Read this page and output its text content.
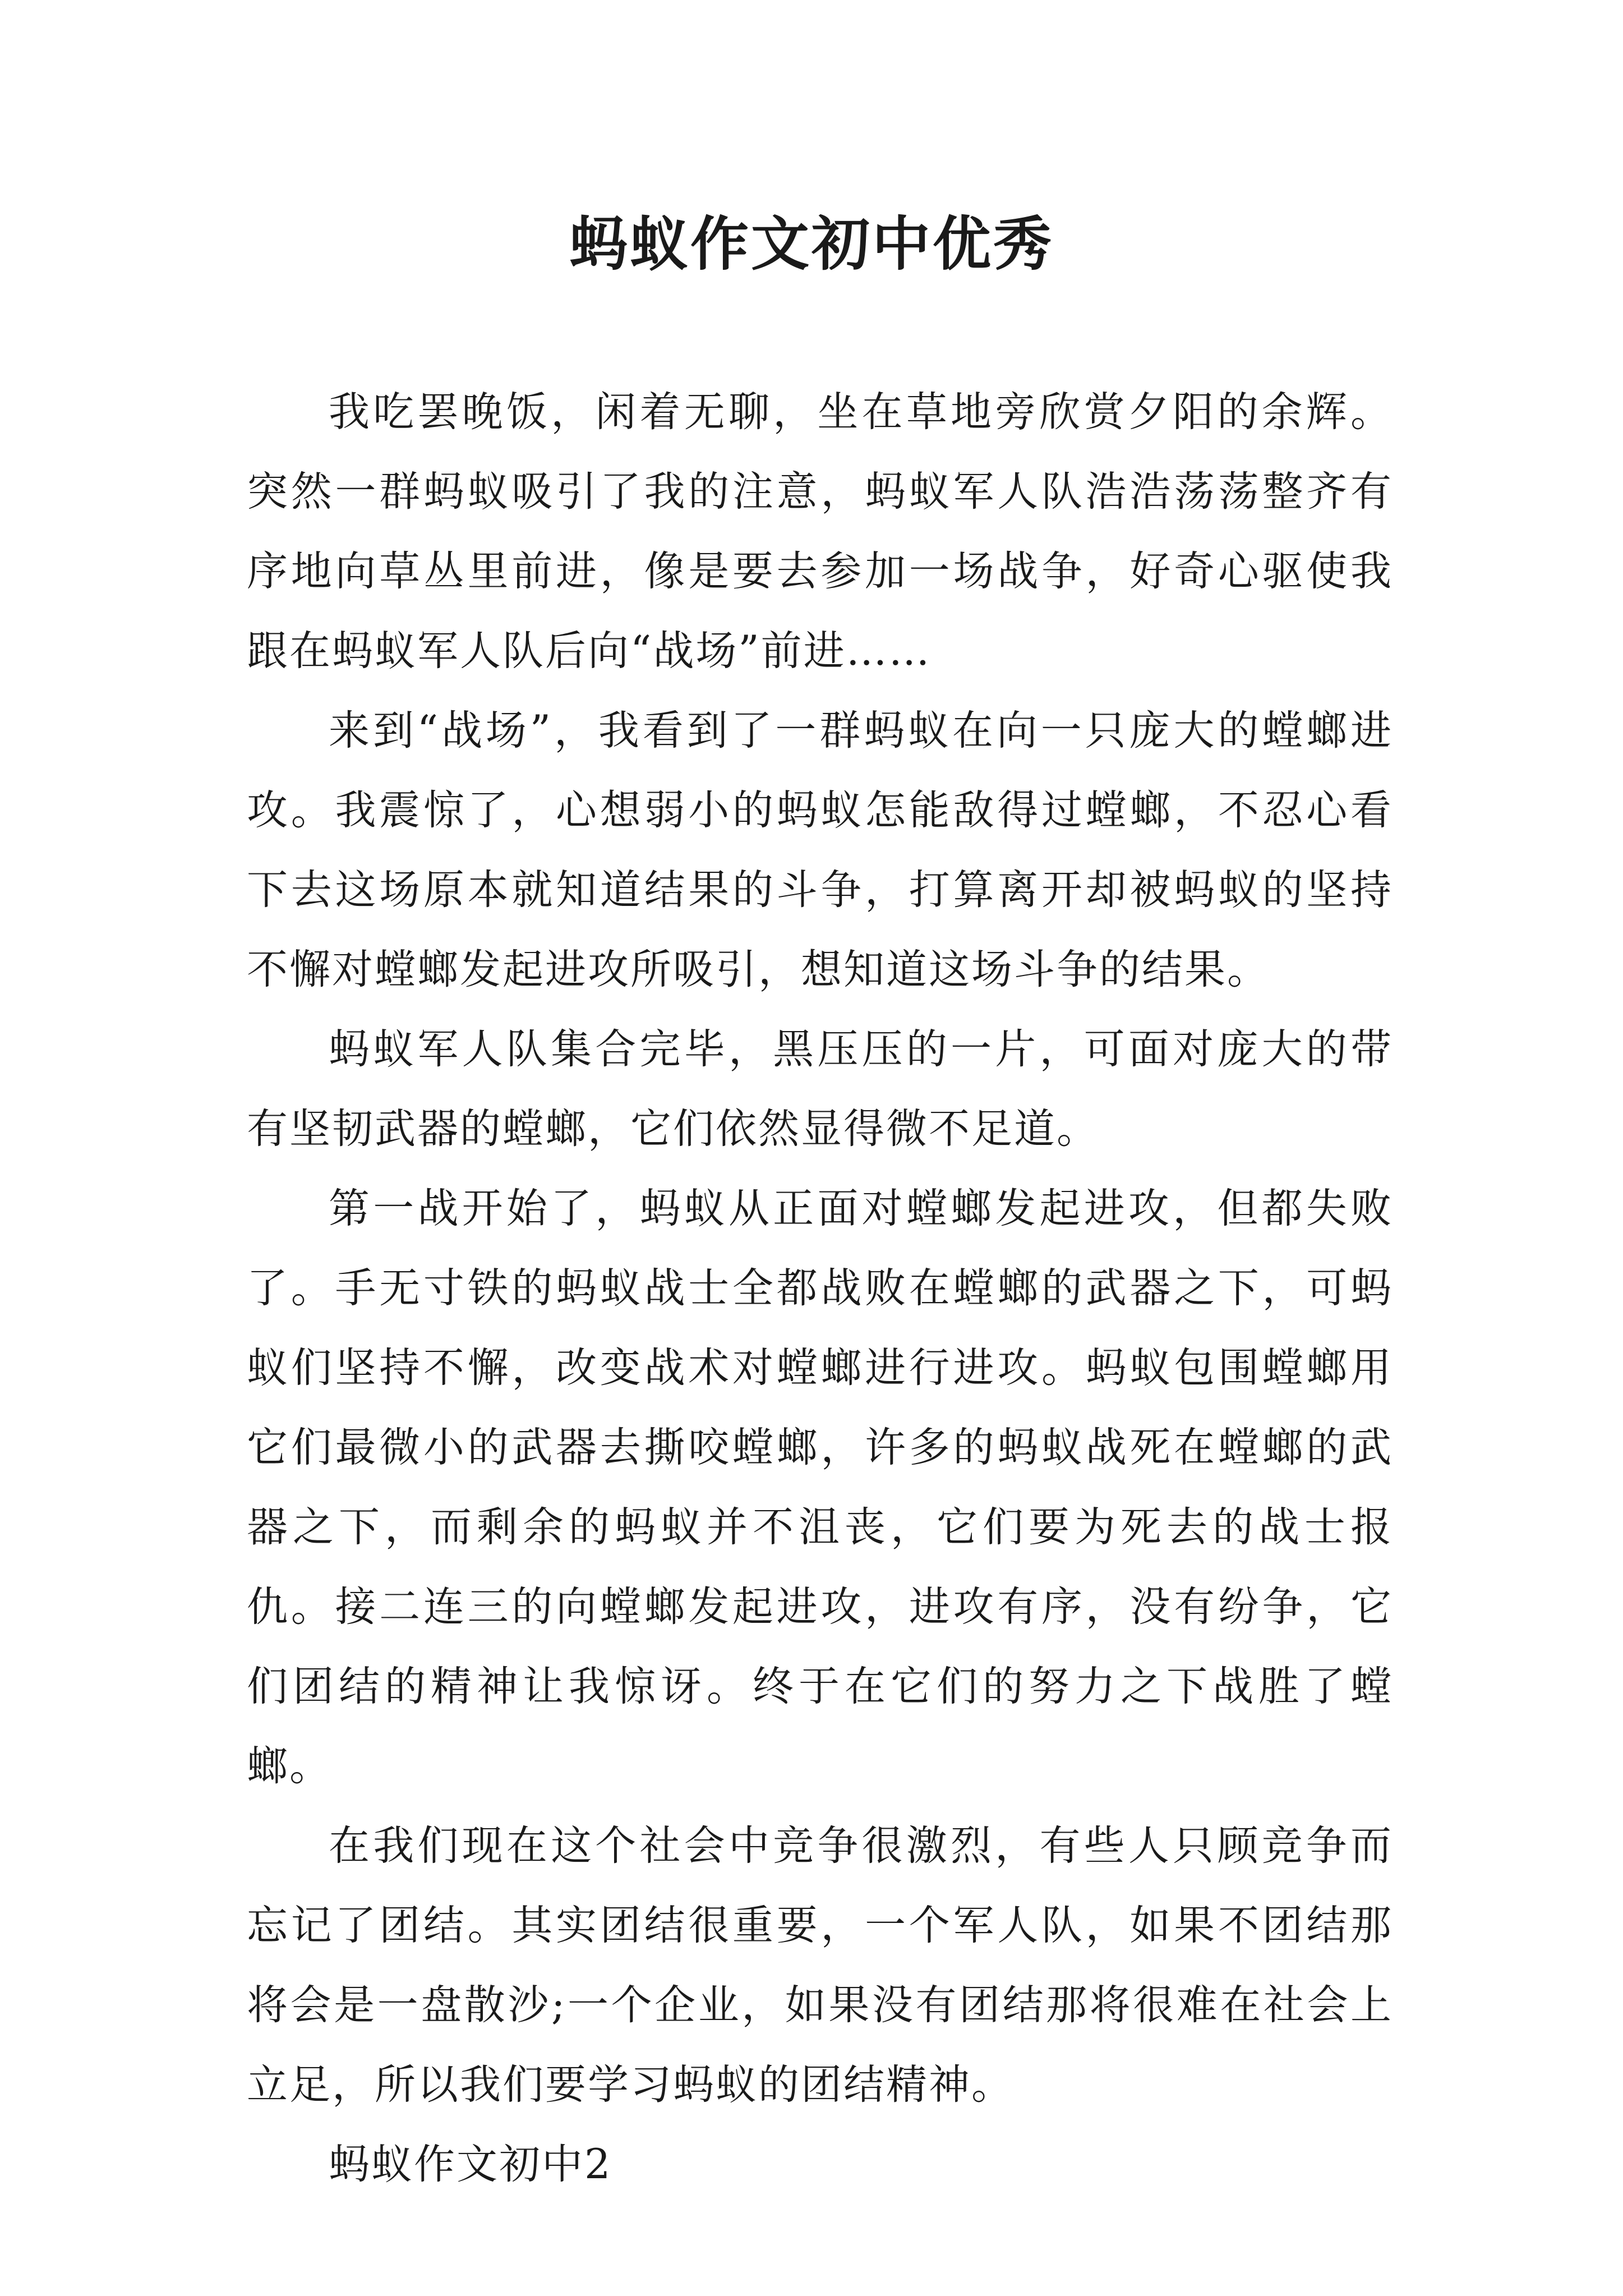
蚂蚁作文初中优秀

我吃罢晚饭，闲着无聊，坐在草地旁欣赏夕阳的余辉。突然一群蚂蚁吸引了我的注意，蚂蚁军人队浩浩荡荡整齐有序地向草丛里前进，像是要去参加一场战争，好奇心驱使我跟在蚂蚁军人队后向“战场”前进……

来到“战场”，我看到了一群蚂蚁在向一只庞大的螳螂进攻。我震惊了，心想弱小的蚂蚁怎能敌得过螳螂，不忍心看下去这场原本就知道结果的斗争，打算离开却被蚂蚁的坚持不懈对螳螂发起进攻所吸引，想知道这场斗争的结果。

蚂蚁军人队集合完毕，黑压压的一片，可面对庞大的带有坚韧武器的螳螂，它们依然显得微不足道。

第一战开始了，蚂蚁从正面对螳螂发起进攻，但都失败了。手无寸铁的蚂蚁战士全都战败在螳螂的武器之下，可蚂蚁们坚持不懈，改变战术对螳螂进行进攻。蚂蚁包围螳螂用它们最微小的武器去撕咬螳螂，许多的蚂蚁战死在螳螂的武器之下，而剩余的蚂蚁并不沮丧，它们要为死去的战士报仇。接二连三的向螳螂发起进攻，进攻有序，没有纷争，它们团结的精神让我惊讶。终于在它们的努力之下战胜了螳螂。

在我们现在这个社会中竞争很激烈，有些人只顾竞争而忘记了团结。其实团结很重要，一个军人队，如果不团结那将会是一盘散沙;一个企业，如果没有团结那将很难在社会上立足，所以我们要学习蚂蚁的团结精神。

蚂蚁作文初中2
